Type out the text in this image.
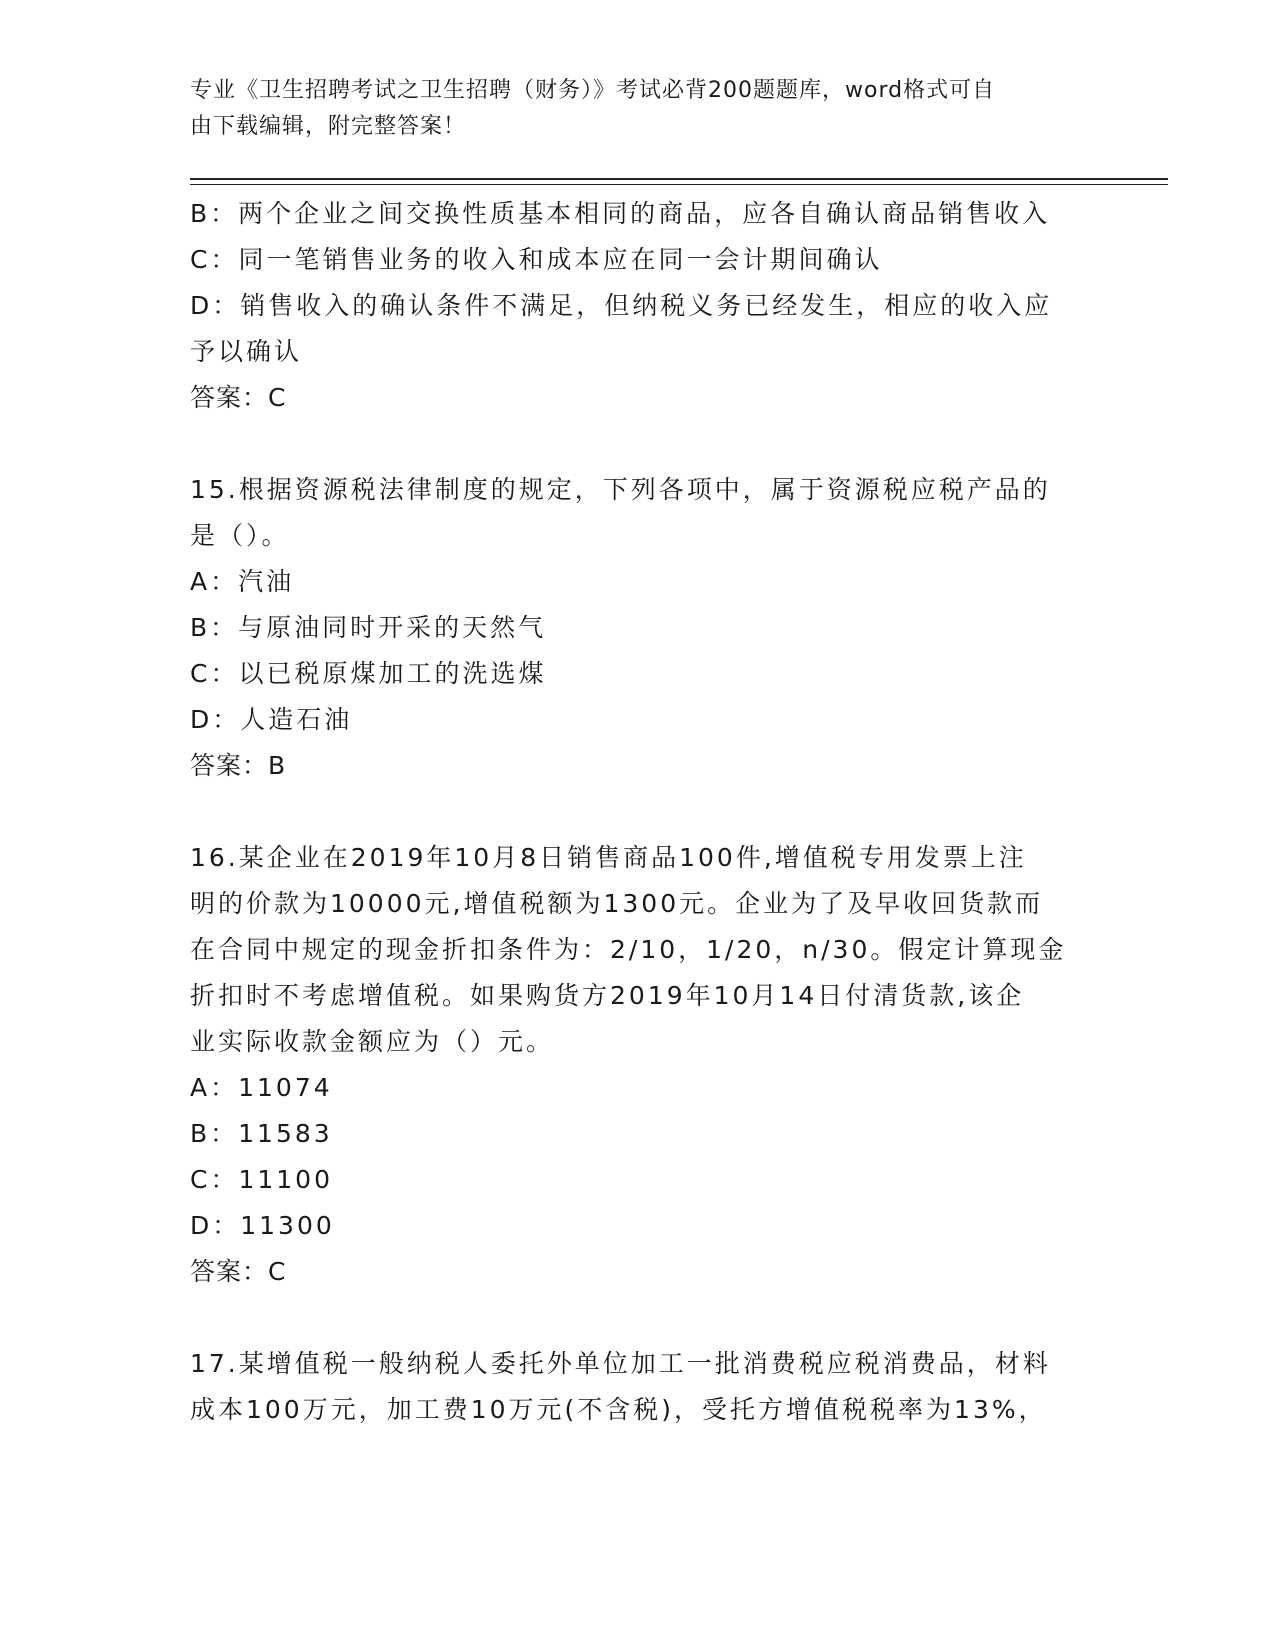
专业《卫生招聘考试之卫生招聘（财务）》考试必背200题题库，word格式可自
由下载编辑，附完整答案！
B：两个企业之间交换性质基本相同的商品，应各自确认商品销售收入
C：同一笔销售业务的收入和成本应在同一会计期间确认
D：销售收入的确认条件不满足，但纳税义务已经发生，相应的收入应
予以确认
答案：C
15.根据资源税法律制度的规定，下列各项中，属于资源税应税产品的
是（）。
A：汽油
B：与原油同时开采的天然气
C：以已税原煤加工的洗选煤
D：人造石油
答案：B
16.某企业在2019年10月8日销售商品100件,增值税专用发票上注
明的价款为10000元,增值税额为1300元。企业为了及早收回货款而
在合同中规定的现金折扣条件为：2/10，1/20，n/30。假定计算现金
折扣时不考虑增值税。如果购货方2019年10月14日付清货款,该企
业实际收款金额应为（）元。
A：11074
B：11583
C：11100
D：11300
答案：C
17.某增值税一般纳税人委托外单位加工一批消费税应税消费品，材料
成本100万元，加工费10万元(不含税)，受托方增值税税率为13%，
